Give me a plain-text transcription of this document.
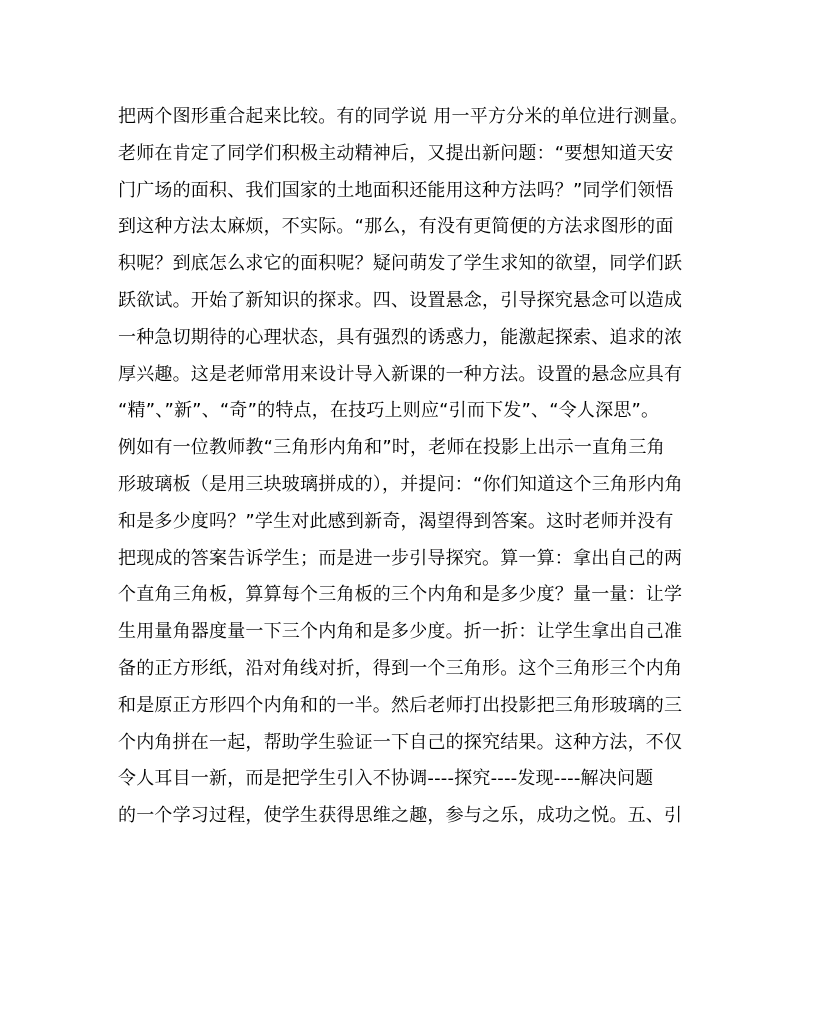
把两个图形重合起来比较。有的同学说 用一平方分米的单位进行测量。
老师在肯定了同学们积极主动精神后，又提出新问题：“要想知道天安
门广场的面积、我们国家的土地面积还能用这种方法吗？”同学们领悟
到这种方法太麻烦，不实际。“那么，有没有更简便的方法求图形的面
积呢？到底怎么求它的面积呢？疑问萌发了学生求知的欲望，同学们跃
跃欲试。开始了新知识的探求。四、设置悬念，引导探究悬念可以造成
一种急切期待的心理状态，具有强烈的诱惑力，能激起探索、追求的浓
厚兴趣。这是老师常用来设计导入新课的一种方法。设置的悬念应具有
“精”、”新”、“奇”的特点，在技巧上则应“引而下发”、“令人深思”。
例如有一位教师教“三角形内角和”时，老师在投影上出示一直角三角
形玻璃板（是用三块玻璃拼成的），并提问：“你们知道这个三角形内角
和是多少度吗？”学生对此感到新奇，渴望得到答案。这时老师并没有
把现成的答案告诉学生；而是进一步引导探究。算一算：拿出自己的两
个直角三角板，算算每个三角板的三个内角和是多少度？量一量：让学
生用量角器度量一下三个内角和是多少度。折一折：让学生拿出自己准
备的正方形纸，沿对角线对折，得到一个三角形。这个三角形三个内角
和是原正方形四个内角和的一半。然后老师打出投影把三角形玻璃的三
个内角拼在一起，帮助学生验证一下自己的探究结果。这种方法，不仅
令人耳目一新，而是把学生引入不协调----探究----发现----解决问题
的一个学习过程，使学生获得思维之趣，参与之乐，成功之悦。五、引
